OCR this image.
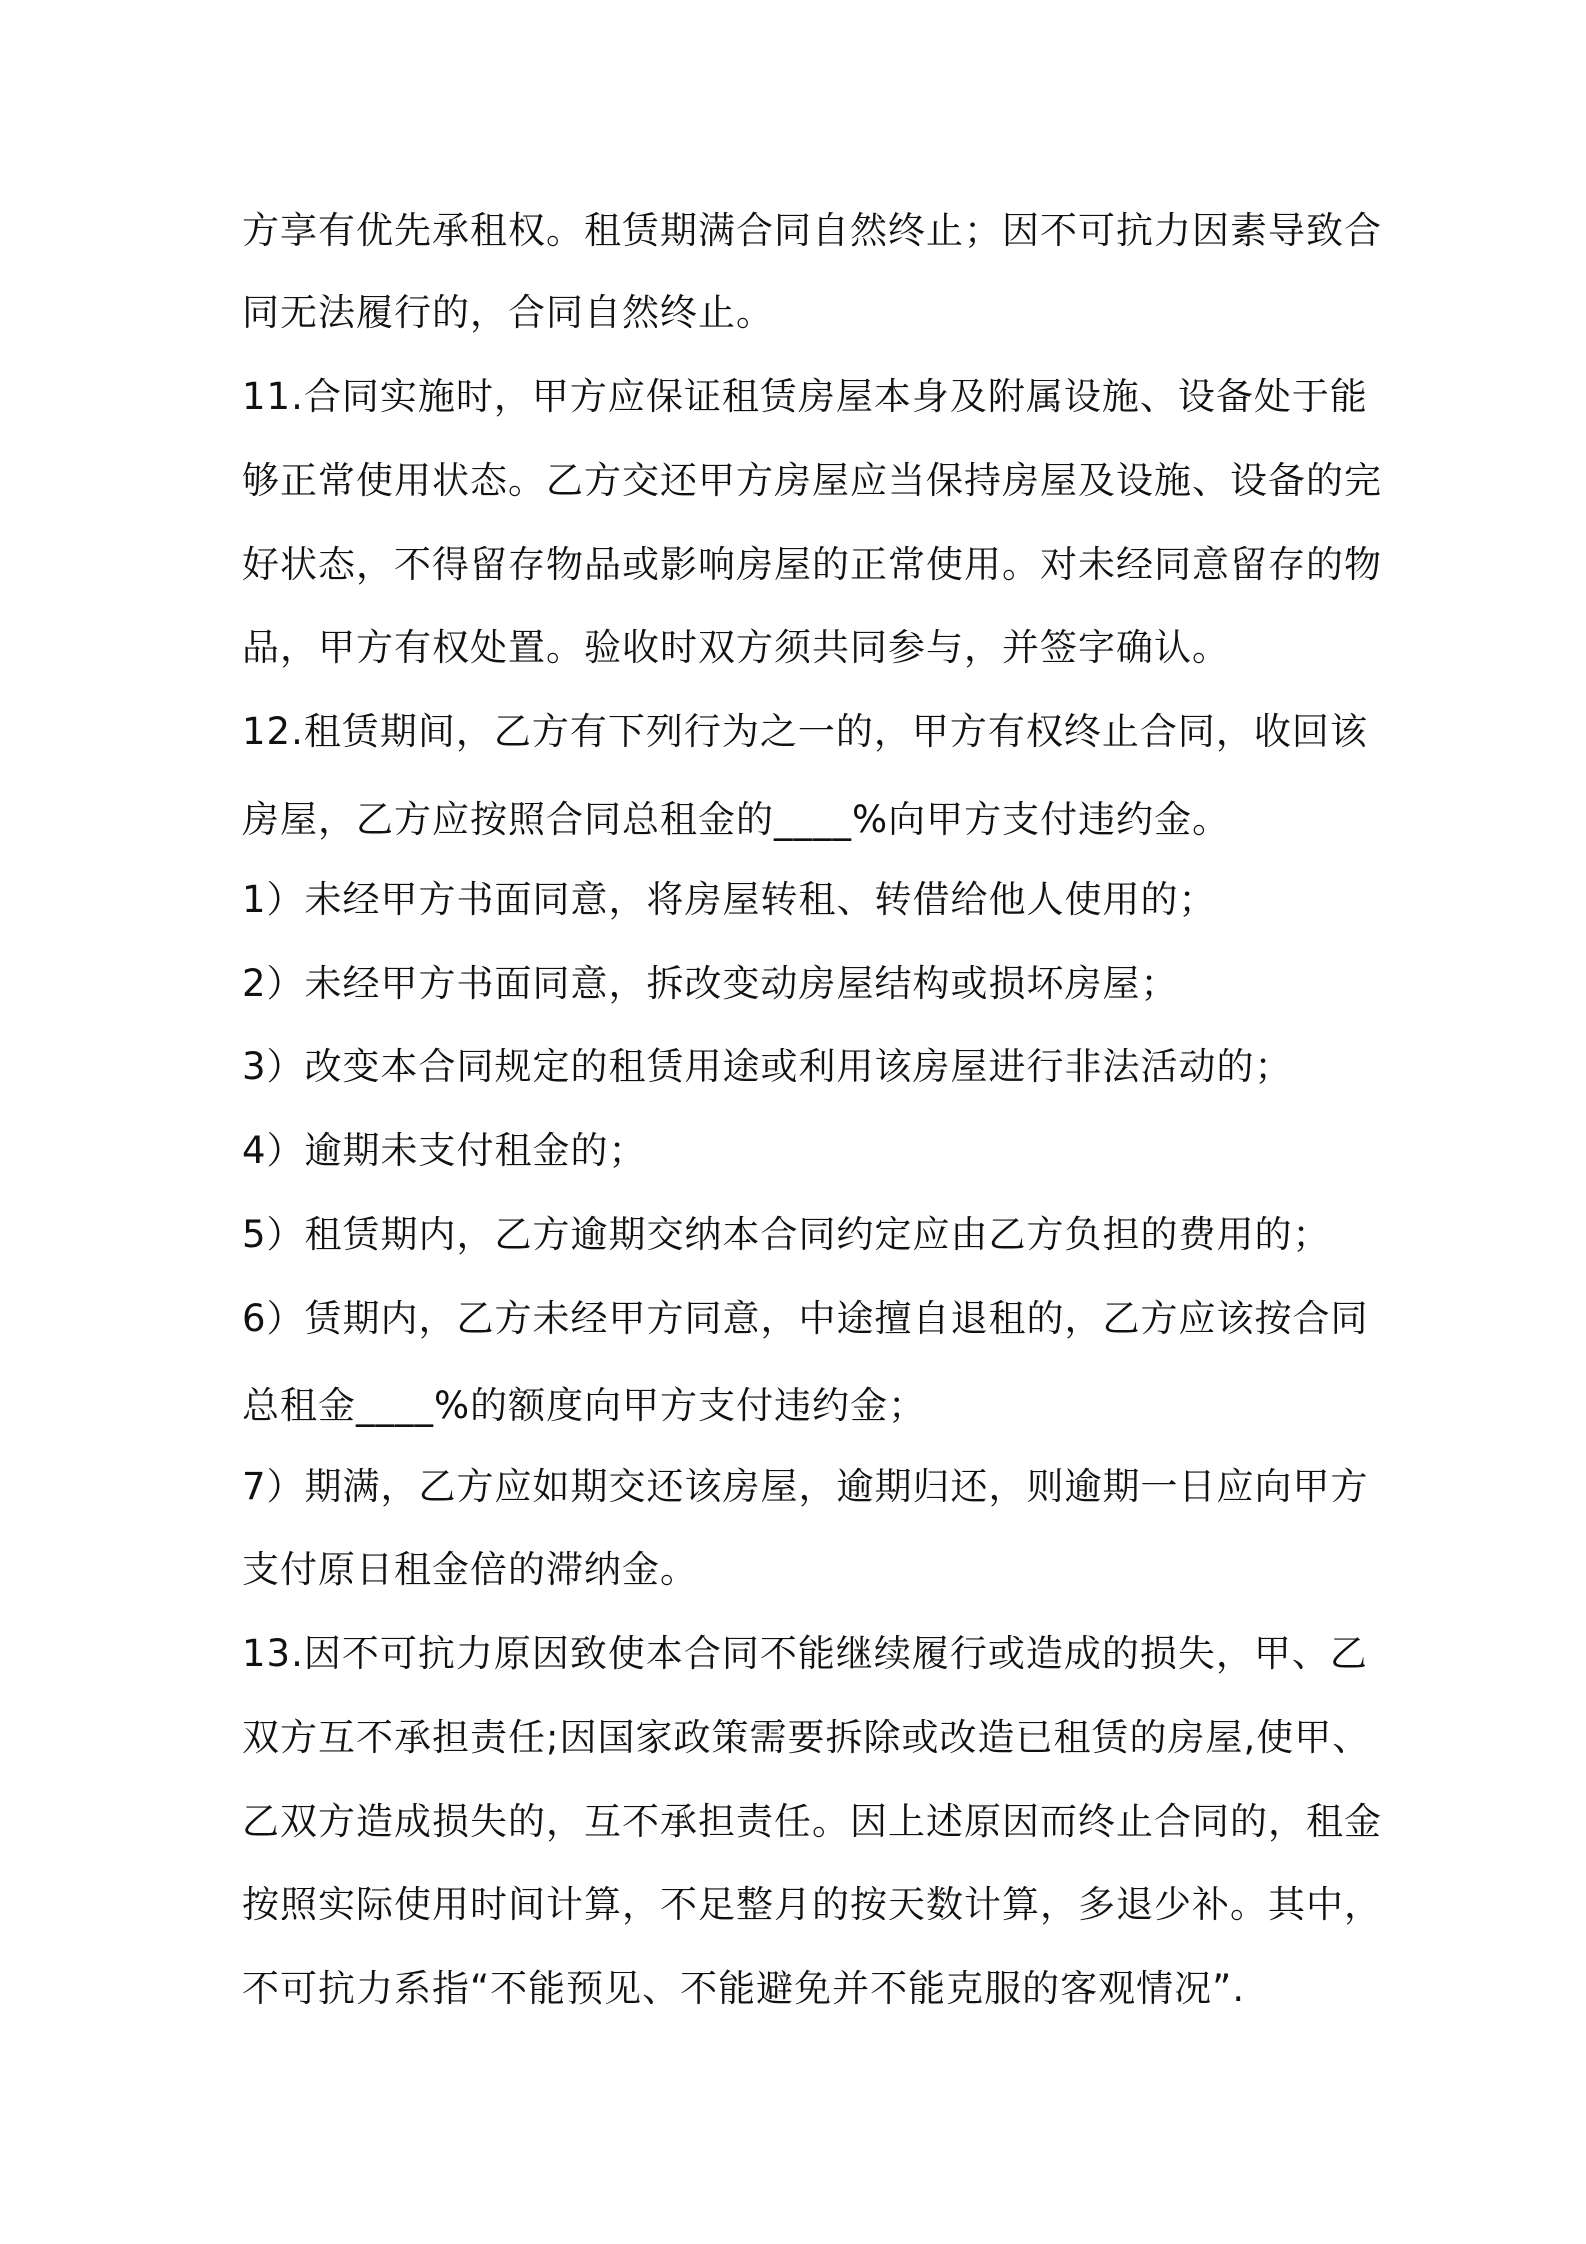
方享有优先承租权。租赁期满合同自然终止；因不可抗力因素导致合
同无法履行的，合同自然终止。
11.合同实施时，甲方应保证租赁房屋本身及附属设施、设备处于能
够正常使用状态。乙方交还甲方房屋应当保持房屋及设施、设备的完
好状态，不得留存物品或影响房屋的正常使用。对未经同意留存的物
品，甲方有权处置。验收时双方须共同参与，并签字确认。
12.租赁期间，乙方有下列行为之一的，甲方有权终止合同，收回该
房屋，乙方应按照合同总租金的____%向甲方支付违约金。
1）未经甲方书面同意，将房屋转租、转借给他人使用的；
2）未经甲方书面同意，拆改变动房屋结构或损坏房屋；
3）改变本合同规定的租赁用途或利用该房屋进行非法活动的；
4）逾期未支付租金的；
5）租赁期内，乙方逾期交纳本合同约定应由乙方负担的费用的；
6）赁期内，乙方未经甲方同意，中途擅自退租的，乙方应该按合同
总租金____%的额度向甲方支付违约金；
7）期满，乙方应如期交还该房屋，逾期归还，则逾期一日应向甲方
支付原日租金倍的滞纳金。
13.因不可抗力原因致使本合同不能继续履行或造成的损失，甲、乙
双方互不承担责任;因国家政策需要拆除或改造已租赁的房屋,使甲、
乙双方造成损失的，互不承担责任。因上述原因而终止合同的，租金
按照实际使用时间计算，不足整月的按天数计算，多退少补。其中，
不可抗力系指“不能预见、不能避免并不能克服的客观情况”.
